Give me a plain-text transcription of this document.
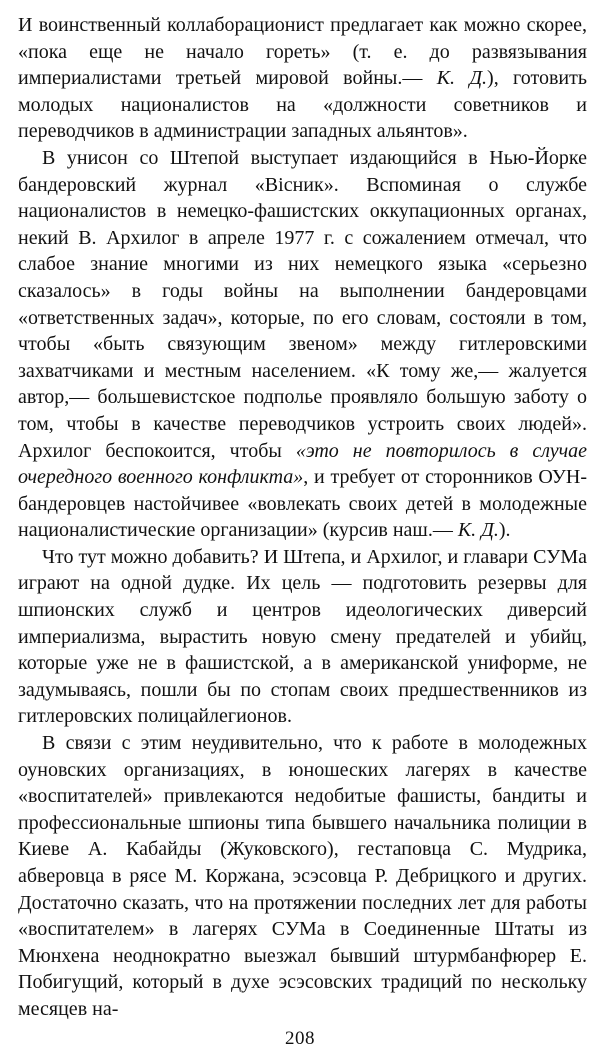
И воинственный коллаборационист предлагает как можно скорее, «пока еще не начало гореть» (т. е. до развязывания империалистами третьей мировой войны.— К. Д.), готовить молодых националистов на «должности советников и переводчиков в администрации западных альянтов».

В унисон со Штепой выступает издающийся в Нью-Йорке бандеровский журнал «Вісник». Вспоминая о службе националистов в немецко-фашистских оккупационных органах, некий В. Архилог в апреле 1977 г. с сожалением отмечал, что слабое знание многими из них немецкого языка «серьезно сказалось» в годы войны на выполнении бандеровцами «ответственных задач», которые, по его словам, состояли в том, чтобы «быть связующим звеном» между гитлеровскими захватчиками и местным населением. «К тому же,— жалуется автор,— большевистское подполье проявляло большую заботу о том, чтобы в качестве переводчиков устроить своих людей». Архилог беспокоится, чтобы «это не повторилось в случае очередного военного конфликта», и требует от сторонников ОУН-бандеровцев настойчивее «вовлекать своих детей в молодежные националистические организации» (курсив наш.— К. Д.).

Что тут можно добавить? И Штепа, и Архилог, и главари СУМа играют на одной дудке. Их цель — подготовить резервы для шпионских служб и центров идеологических диверсий империализма, вырастить новую смену предателей и убийц, которые уже не в фашистской, а в американской униформе, не задумываясь, пошли бы по стопам своих предшественников из гитлеровских полицайлегионов.

В связи с этим неудивительно, что к работе в молодежных оуновских организациях, в юношеских лагерях в качестве «воспитателей» привлекаются недобитые фашисты, бандиты и профессиональные шпионы типа бывшего начальника полиции в Киеве А. Кабайды (Жуковского), гестаповца С. Мудрика, абверовца в рясе М. Коржана, эсэсовца Р. Дебрицкого и других. Достаточно сказать, что на протяжении последних лет для работы «воспитателем» в лагерях СУМа в Соединенные Штаты из Мюнхена неоднократно выезжал бывший штурмбанфюрер Е. Побигущий, который в духе эсэсовских традиций по нескольку месяцев на-

208
